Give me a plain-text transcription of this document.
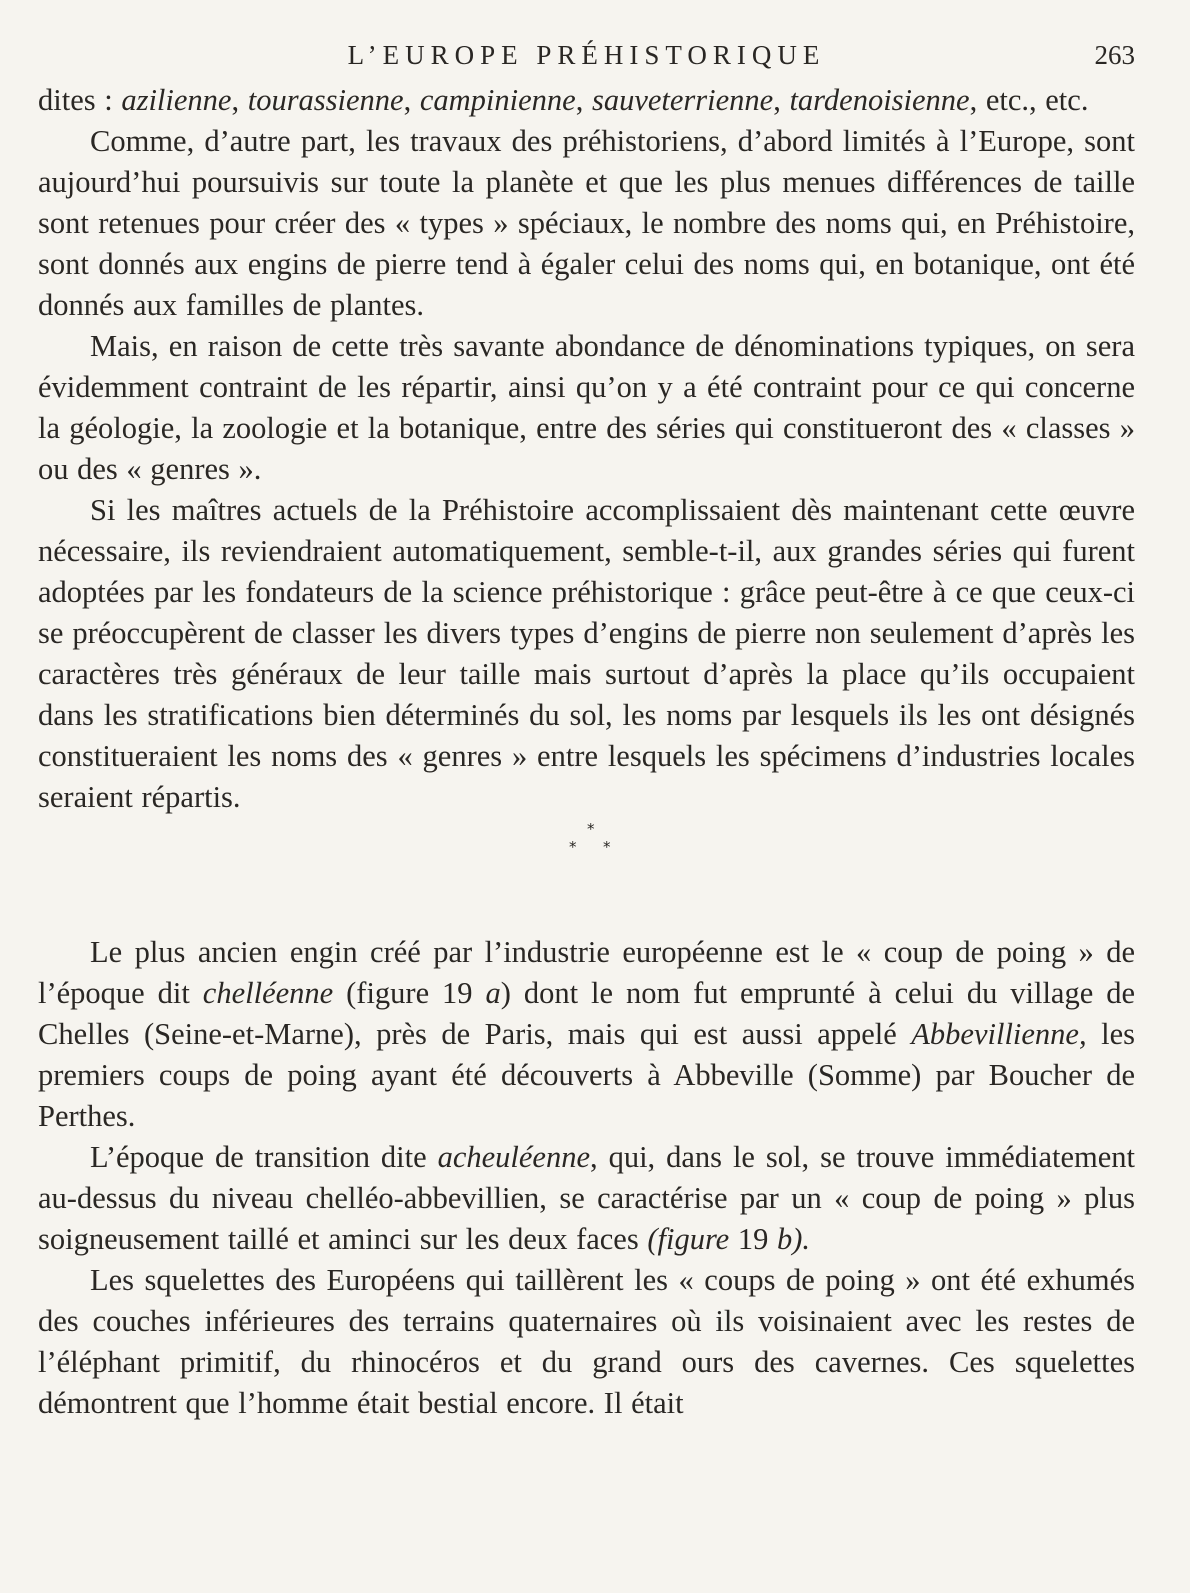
L’EUROPE PRÉHISTORIQUE	263

dites : azilienne, tourassienne, campinienne, sauveterrienne, tardenoisienne, etc., etc.

Comme, d’autre part, les travaux des préhistoriens, d’abord limités à l’Europe, sont aujourd’hui poursuivis sur toute la planète et que les plus menues différences de taille sont retenues pour créer des « types » spéciaux, le nombre des noms qui, en Préhistoire, sont donnés aux engins de pierre tend à égaler celui des noms qui, en botanique, ont été donnés aux familles de plantes.

Mais, en raison de cette très savante abondance de dénominations typiques, on sera évidemment contraint de les répartir, ainsi qu’on y a été contraint pour ce qui concerne la géologie, la zoologie et la botanique, entre des séries qui constitueront des « classes » ou des « genres ».

Si les maîtres actuels de la Préhistoire accomplissaient dès maintenant cette œuvre nécessaire, ils reviendraient automatiquement, semble-t-il, aux grandes séries qui furent adoptées par les fondateurs de la science préhistorique : grâce peut-être à ce que ceux-ci se préoccupèrent de classer les divers types d’engins de pierre non seulement d’après les caractères très généraux de leur taille mais surtout d’après la place qu’ils occupaient dans les stratifications bien déterminés du sol, les noms par lesquels ils les ont désignés constitueraient les noms des « genres » entre lesquels les spécimens d’industries locales seraient répartis.

*
* *

Le plus ancien engin créé par l’industrie européenne est le « coup de poing » de l’époque dit chelléenne (figure 19 a) dont le nom fut emprunté à celui du village de Chelles (Seine-et-Marne), près de Paris, mais qui est aussi appelé Abbevillienne, les premiers coups de poing ayant été découverts à Abbeville (Somme) par Boucher de Perthes.

L’époque de transition dite acheuléenne, qui, dans le sol, se trouve immédiatement au-dessus du niveau chelléo-abbevillien, se caractérise par un « coup de poing » plus soigneusement taillé et aminci sur les deux faces (figure 19 b).

Les squelettes des Européens qui taillèrent les « coups de poing » ont été exhumés des couches inférieures des terrains quaternaires où ils voisinaient avec les restes de l’éléphant primitif, du rhinocéros et du grand ours des cavernes. Ces squelettes démontrent que l’homme était bestial encore. Il était
